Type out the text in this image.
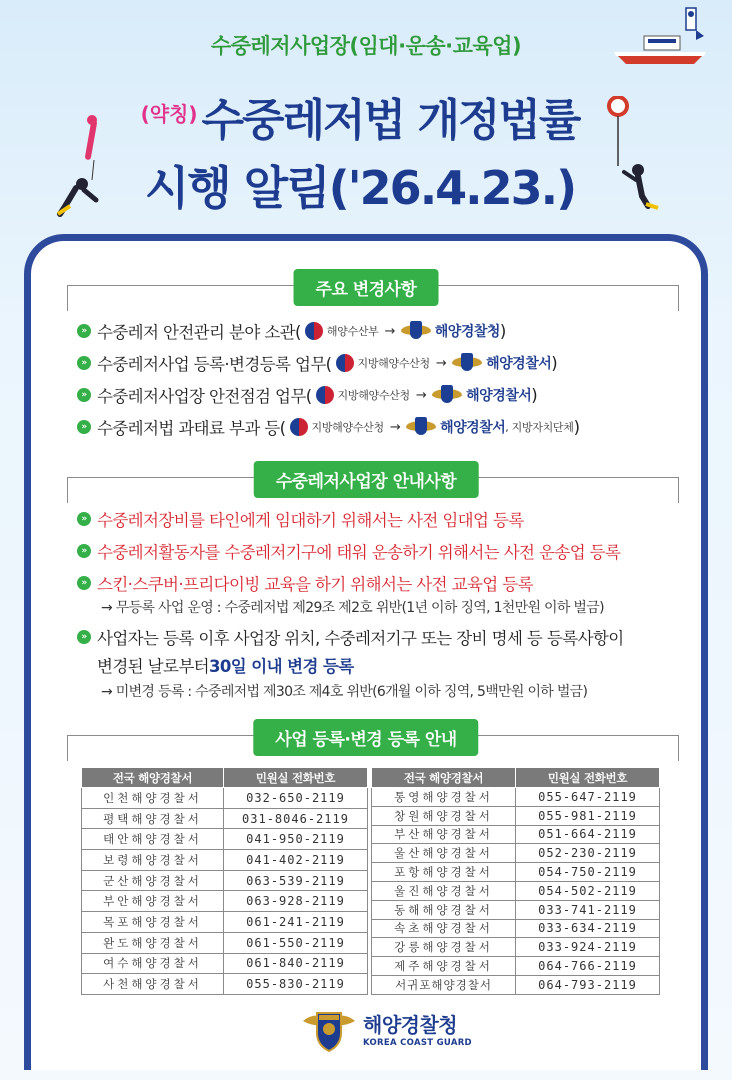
수중레저사업장(임대·운송·교육업)
$^{(약칭)}$수중레저법 개정법률
시행 알림('26.4.23.)
주요 변경사항
» 수중레저 안전관리 분야 소관( 해양수산부 →	해양경찰청 )
» 수중레저사업 등록·변경등록 업무( 지방해양수산청 →	해양경찰서 )
» 수중레저사업장 안전점검 업무( 지방해양수산청 →	해양경찰서 )
» 수중레저법 과태료 부과 등( 지방해양수산청 →	해양경찰서 , 지방자치단체 )
수중레저사업장 안내사항
» 수중레저장비를 타인에게 임대하기 위해서는 사전 임대업 등록
» 수중레저활동자를 수중레저기구에 태워 운송하기 위해서는 사전 운송업 등록
» 스킨·스쿠버·프리다이빙 교육을 하기 위해서는 사전 교육업 등록
→ 무등록 사업 운영 : 수중레저법 제29조 제2호 위반(1년 이하 징역, 1천만원 이하 벌금)
» 사업자는 등록 이후 사업장 위치, 수중레저기구 또는 장비 명세 등 등록사항이
변경된 날로부터 30일 이내 변경 등록
→ 미변경 등록 : 수중레저법 제30조 제4호 위반(6개월 이하 징역, 5백만원 이하 벌금)
사업 등록·변경 등록 안내
전국 해양경찰서	민원실 전화번호
인천해양경찰서	032-650-2119
평택해양경찰서	031-8046-2119
태안해양경찰서	041-950-2119
보령해양경찰서	041-402-2119
군산해양경찰서	063-539-2119
부안해양경찰서	063-928-2119
목포해양경찰서	061-241-2119
완도해양경찰서	061-550-2119
여수해양경찰서	061-840-2119
사천해양경찰서	055-830-2119
전국 해양경찰서	민원실 전화번호
통영해양경찰서	055-647-2119
창원해양경찰서	055-981-2119
부산해양경찰서	051-664-2119
울산해양경찰서	052-230-2119
포항해양경찰서	054-750-2119
울진해양경찰서	054-502-2119
동해해양경찰서	033-741-2119
속초해양경찰서	033-634-2119
강릉해양경찰서	033-924-2119
제주해양경찰서	064-766-2119
서귀포해양경찰서	064-793-2119
해양경찰청
KOREA COAST GUARD
